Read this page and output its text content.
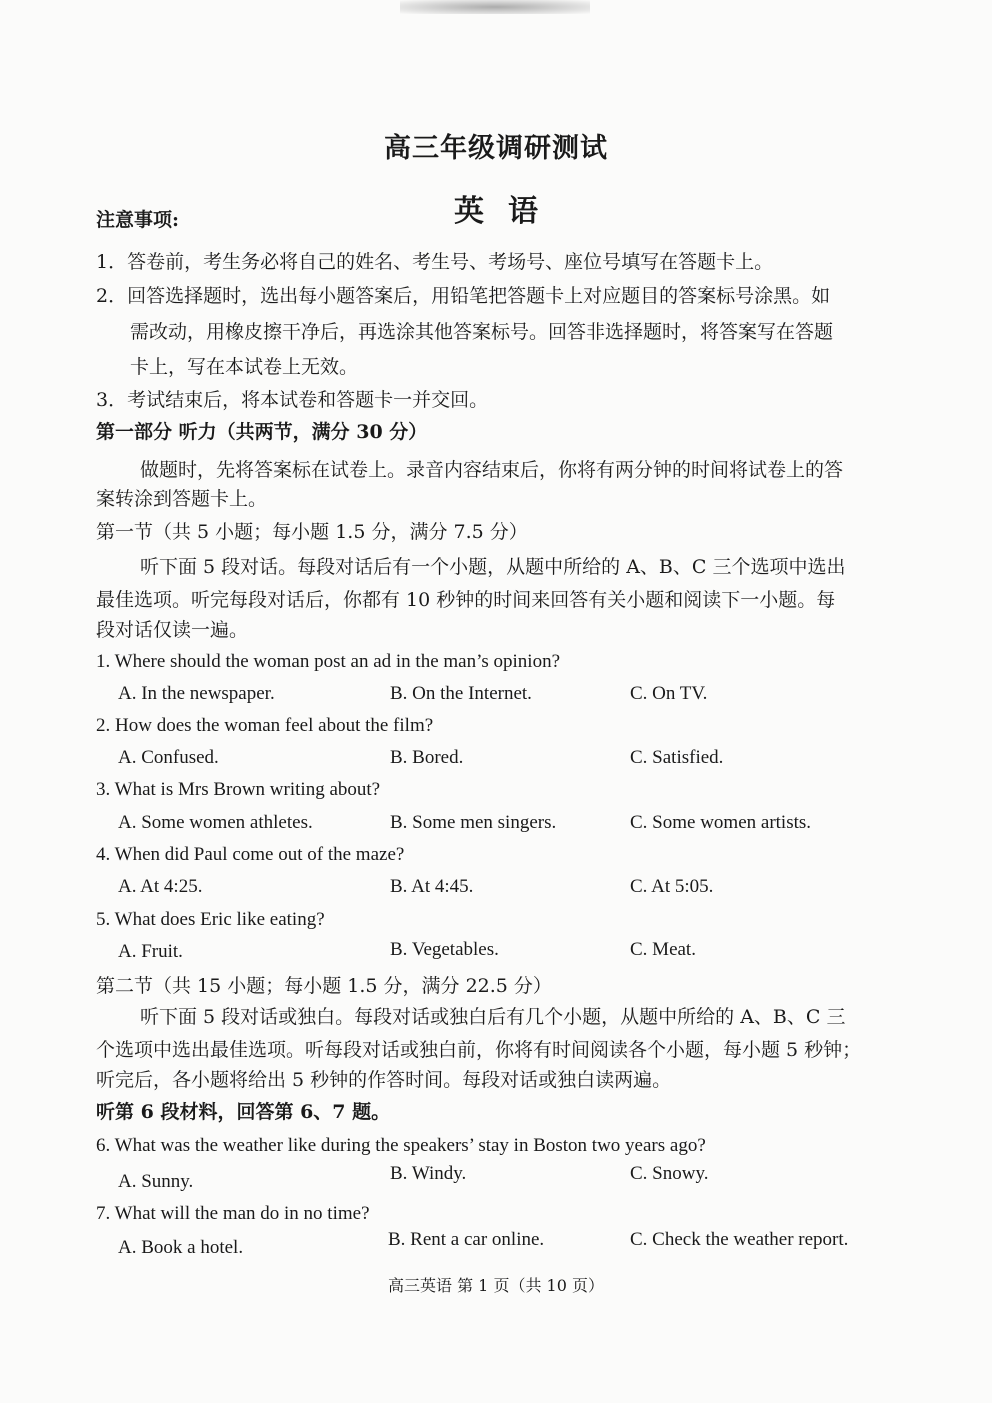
高三年级调研测试
英 语
注意事项:
1．答卷前，考生务必将自己的姓名、考生号、考场号、座位号填写在答题卡上。
2．回答选择题时，选出每小题答案后，用铅笔把答题卡上对应题目的答案标号涂黑。如
需改动，用橡皮擦干净后，再选涂其他答案标号。回答非选择题时，将答案写在答题
卡上，写在本试卷上无效。
3．考试结束后，将本试卷和答题卡一并交回。
第一部分 听力（共两节，满分 30 分）
做题时，先将答案标在试卷上。录音内容结束后，你将有两分钟的时间将试卷上的答
案转涂到答题卡上。
第一节（共 5 小题；每小题 1.5 分，满分 7.5 分）
听下面 5 段对话。每段对话后有一个小题，从题中所给的 A、B、C 三个选项中选出
最佳选项。听完每段对话后，你都有 10 秒钟的时间来回答有关小题和阅读下一小题。每
段对话仅读一遍。
1. Where should the woman post an ad in the man’s opinion?
A. In the newspaper.	B. On the Internet.	C. On TV.
2. How does the woman feel about the film?
A. Confused.	B. Bored.	C. Satisfied.
3. What is Mrs Brown writing about?
A. Some women athletes.	B. Some men singers.	C. Some women artists.
4. When did Paul come out of the maze?
A. At 4:25.	B. At 4:45.	C. At 5:05.
5. What does Eric like eating?
A. Fruit.	B. Vegetables.	C. Meat.
第二节（共 15 小题；每小题 1.5 分，满分 22.5 分）
听下面 5 段对话或独白。每段对话或独白后有几个小题，从题中所给的 A、B、C 三
个选项中选出最佳选项。听每段对话或独白前，你将有时间阅读各个小题，每小题 5 秒钟；
听完后，各小题将给出 5 秒钟的作答时间。每段对话或独白读两遍。
听第 6 段材料，回答第 6、7 题。
6. What was the weather like during the speakers’ stay in Boston two years ago?
A. Sunny.	B. Windy.	C. Snowy.
7. What will the man do in no time?
A. Book a hotel.	B. Rent a car online.	C. Check the weather report.
高三英语 第 1 页（共 10 页）
